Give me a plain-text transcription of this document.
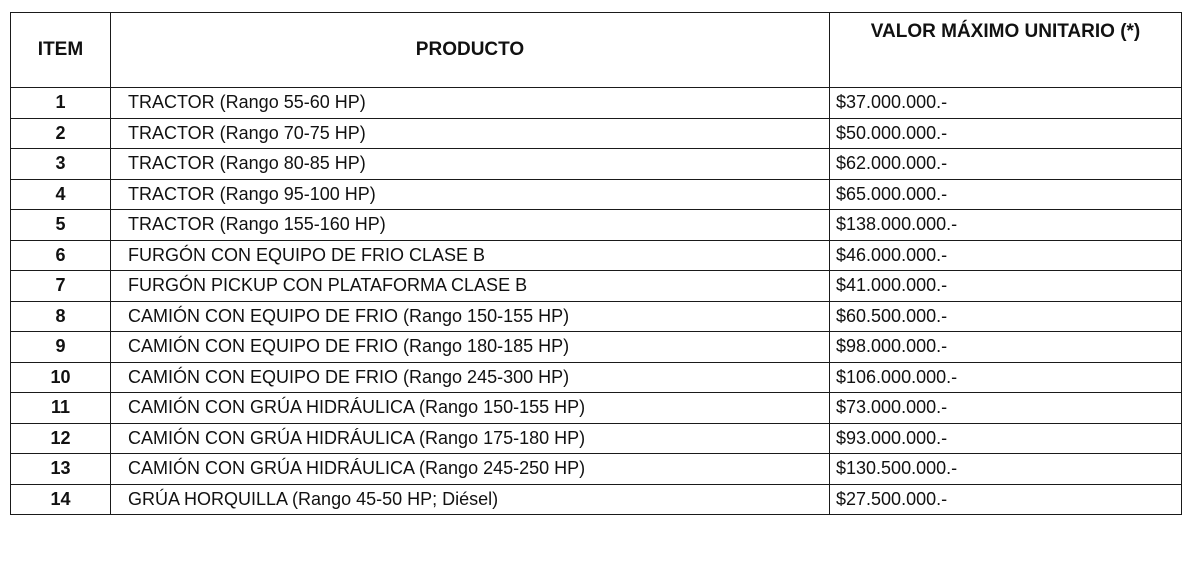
ITEM	PRODUCTO	VALOR MÁXIMO UNITARIO (*)
1	TRACTOR (Rango 55-60 HP)	$37.000.000.-
2	TRACTOR (Rango 70-75 HP)	$50.000.000.-
3	TRACTOR (Rango 80-85 HP)	$62.000.000.-
4	TRACTOR (Rango 95-100 HP)	$65.000.000.-
5	TRACTOR (Rango 155-160 HP)	$138.000.000.-
6	FURGÓN CON EQUIPO DE FRIO CLASE B	$46.000.000.-
7	FURGÓN PICKUP CON PLATAFORMA CLASE B	$41.000.000.-
8	CAMIÓN CON EQUIPO DE FRIO (Rango 150-155 HP)	$60.500.000.-
9	CAMIÓN CON EQUIPO DE FRIO (Rango 180-185 HP)	$98.000.000.-
10	CAMIÓN CON EQUIPO DE FRIO (Rango 245-300 HP)	$106.000.000.-
11	CAMIÓN CON GRÚA HIDRÁULICA (Rango 150-155 HP)	$73.000.000.-
12	CAMIÓN CON GRÚA HIDRÁULICA (Rango 175-180 HP)	$93.000.000.-
13	CAMIÓN CON GRÚA HIDRÁULICA (Rango 245-250 HP)	$130.500.000.-
14	GRÚA HORQUILLA (Rango 45-50 HP; Diésel)	$27.500.000.-
